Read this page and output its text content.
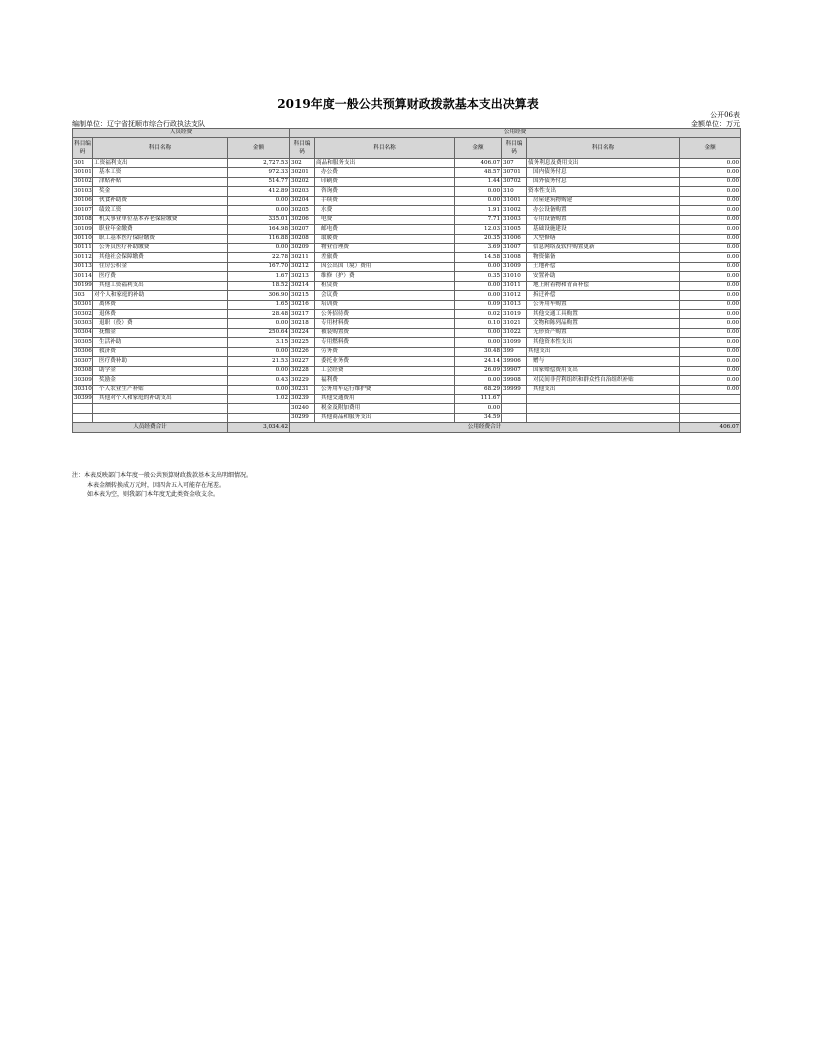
2019年度一般公共预算财政拨款基本支出决算表
公开06表
编制单位：辽宁省抚顺市综合行政执法支队	金额单位：万元
人员经费			公用经费					
科目编码	科目名称	金额	科目编码	科目名称	金额	科目编码	科目名称	金额
301	工资福利支出	2,727.53	302	商品和服务支出	406.07	307	债务利息及费用支出	0.00
30101	基本工资	972.33	30201	办公费	48.57	30701	国内债务付息	0.00
30102	津贴补贴	514.77	30202	印刷费	1.44	30702	国外债务付息	0.00
30103	奖金	412.89	30203	咨询费	0.00	310	资本性支出	0.00
30106	伙食补助费	0.00	30204	手续费	0.00	31001	房屋建筑物购建	0.00
30107	绩效工资	0.00	30205	水费	1.91	31002	办公设备购置	0.00
30108	机关事业单位基本养老保险缴费	335.01	30206	电费	7.71	31003	专用设备购置	0.00
30109	职业年金缴费	164.98	30207	邮电费	12.03	31005	基础设施建设	0.00
30110	职工基本医疗保险缴费	116.88	30208	取暖费	20.35	31006	大型修缮	0.00
30111	公务员医疗补助缴费	0.00	30209	物业管理费	3.69	31007	信息网络及软件购置更新	0.00
30112	其他社会保障缴费	22.78	30211	差旅费	14.58	31008	物资储备	0.00
30113	住房公积金	167.70	30212	因公出国（境）费用	0.00	31009	土地补偿	0.00
30114	医疗费	1.67	30213	维修（护）费	0.35	31010	安置补助	0.00
30199	其他工资福利支出	18.52	30214	租赁费	0.00	31011	地上附着物和青苗补偿	0.00
303	对个人和家庭的补助	306.90	30215	会议费	0.00	31012	拆迁补偿	0.00
30301	离休费	1.65	30216	培训费	0.09	31013	公务用车购置	0.00
30302	退休费	28.48	30217	公务招待费	0.02	31019	其他交通工具购置	0.00
30303	退职（役）费	0.00	30218	专用材料费	0.10	31021	文物和陈列品购置	0.00
30304	抚恤金	250.64	30224	被装购置费	0.00	31022	无形资产购置	0.00
30305	生活补助	3.15	30225	专用燃料费	0.00	31099	其他资本性支出	0.00
30306	救济费	0.00	30226	劳务费	30.48	399	其他支出	0.00
30307	医疗费补助	21.53	30227	委托业务费	24.14	39906	赠与	0.00
30308	助学金	0.00	30228	工会经费	26.09	39907	国家赔偿费用支出	0.00
30309	奖励金	0.43	30229	福利费	0.00	39908	对民间非营利组织和群众性自治组织补贴	0.00
30310	个人农业生产补贴	0.00	30231	公务用车运行维护费	68.29	39999	其他支出	0.00
30399	其他对个人和家庭的补助支出	1.02	30239	其他交通费用	111.67			
			30240	税金及附加费用	0.00			
			30299	其他商品和服务支出	34.59			
人员经费合计		3,034.42	公用经费合计					406.07
注：本表反映部门本年度一般公共预算财政拨款基本支出明细情况。
本表金额转换成万元时，因四舍五入可能存在尾差。
如本表为空，则我部门本年度无此类资金收支余。
